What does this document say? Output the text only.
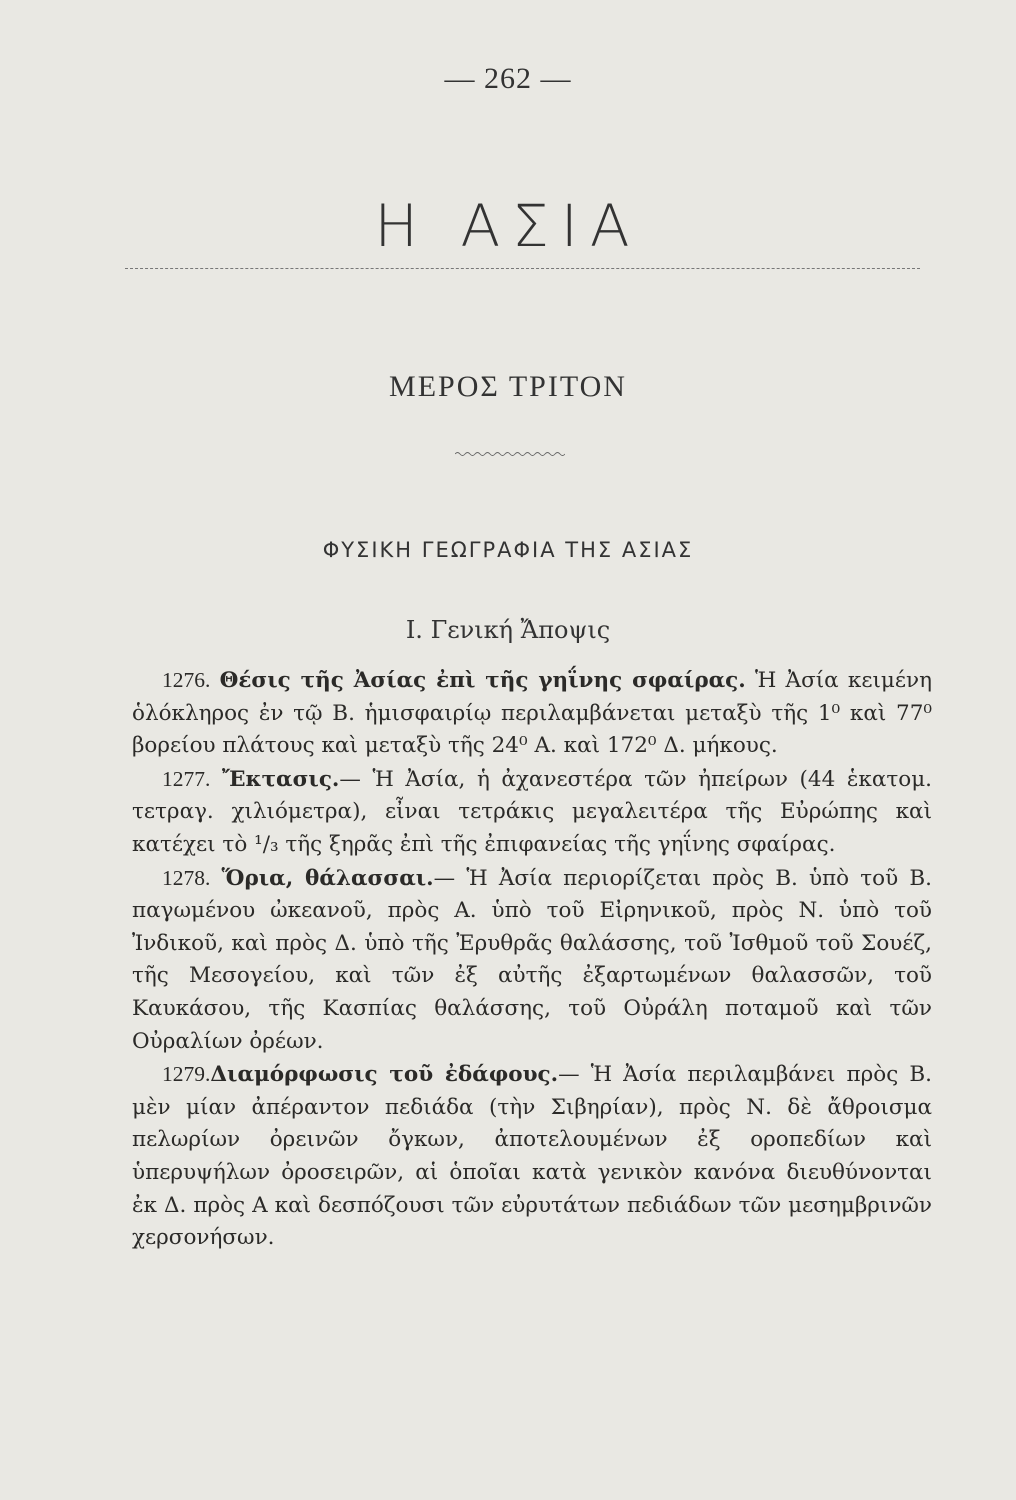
— 262 —
Η ΑΣΙΑ
ΜΕΡΟΣ ΤΡΙΤΟΝ
ΦΥΣΙΚΗ ΓΕΩΓΡΑΦΙΑ ΤΗΣ ΑΣΙΑΣ
Ι. Γενική Ἄποψις

1276. Θέσις τῆς Ἀσίας ἐπὶ τῆς γηΐνης σφαίρας. Ἡ Ἀσία κειμένη ὁλόκληρος ἐν τῷ Β. ἡμισφαιρίῳ περιλαμβάνεται μεταξὺ τῆς 1⁰ καὶ 77⁰ βορείου πλάτους καὶ μεταξὺ τῆς 24⁰ Α. καὶ 172⁰ Δ. μήκους.

1277. Ἔκτασις.— Ἡ Ἀσία, ἡ ἀχανεστέρα τῶν ἠπείρων (44 ἑκατομ. τετραγ. χιλιόμετρα), εἶναι τετράκις μεγαλειτέρα τῆς Εὐρώπης καὶ κατέχει τὸ ¹/₃ τῆς ξηρᾶς ἐπὶ τῆς ἐπιφανείας τῆς γηΐνης σφαίρας.

1278. Ὅρια, θάλασσαι.— Ἡ Ἀσία περιορίζεται πρὸς Β. ὑπὸ τοῦ Β. παγωμένου ὠκεανοῦ, πρὸς Α. ὑπὸ τοῦ Εἰρηνικοῦ, πρὸς Ν. ὑπὸ τοῦ Ἰνδικοῦ, καὶ πρὸς Δ. ὑπὸ τῆς Ἐρυθρᾶς θαλάσσης, τοῦ Ἰσθμοῦ τοῦ Σουέζ, τῆς Μεσογείου, καὶ τῶν ἐξ αὐτῆς ἐξαρτωμένων θαλασσῶν, τοῦ Καυκάσου, τῆς Κασπίας θαλάσσης, τοῦ Οὐράλη ποταμοῦ καὶ τῶν Οὐραλίων ὀρέων.

1279.Διαμόρφωσις τοῦ ἐδάφους.— Ἡ Ἀσία περιλαμβάνει πρὸς Β. μὲν μίαν ἀπέραντον πεδιάδα (τὴν Σιβηρίαν), πρὸς Ν. δὲ ἄθροισμα πελωρίων ὀρεινῶν ὄγκων, ἀποτελουμένων ἐξ οροπεδίων καὶ ὑπερυψήλων ὀροσειρῶν, αἱ ὁποῖαι κατὰ γενικὸν κανόνα διευθύνονται ἐκ Δ. πρὸς Α καὶ δεσπόζουσι τῶν εὐρυτάτων πεδιάδων τῶν μεσημβρινῶν χερσονήσων.
